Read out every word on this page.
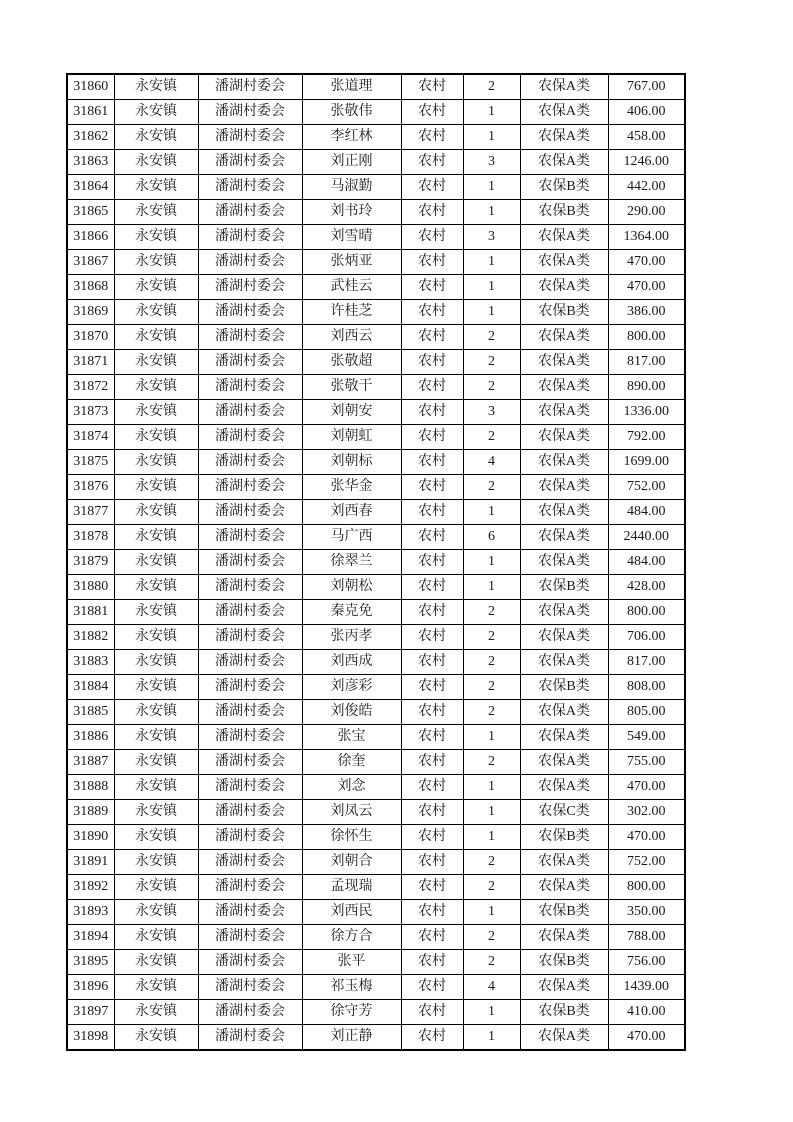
31860	永安镇	潘湖村委会	张道理	农村	2	农保A类	767.00
31861	永安镇	潘湖村委会	张敬伟	农村	1	农保A类	406.00
31862	永安镇	潘湖村委会	李红林	农村	1	农保A类	458.00
31863	永安镇	潘湖村委会	刘正刚	农村	3	农保A类	1246.00
31864	永安镇	潘湖村委会	马淑勤	农村	1	农保B类	442.00
31865	永安镇	潘湖村委会	刘书玲	农村	1	农保B类	290.00
31866	永安镇	潘湖村委会	刘雪晴	农村	3	农保A类	1364.00
31867	永安镇	潘湖村委会	张炳亚	农村	1	农保A类	470.00
31868	永安镇	潘湖村委会	武桂云	农村	1	农保A类	470.00
31869	永安镇	潘湖村委会	许桂芝	农村	1	农保B类	386.00
31870	永安镇	潘湖村委会	刘西云	农村	2	农保A类	800.00
31871	永安镇	潘湖村委会	张敬超	农村	2	农保A类	817.00
31872	永安镇	潘湖村委会	张敬干	农村	2	农保A类	890.00
31873	永安镇	潘湖村委会	刘朝安	农村	3	农保A类	1336.00
31874	永安镇	潘湖村委会	刘朝虹	农村	2	农保A类	792.00
31875	永安镇	潘湖村委会	刘朝标	农村	4	农保A类	1699.00
31876	永安镇	潘湖村委会	张华金	农村	2	农保A类	752.00
31877	永安镇	潘湖村委会	刘西春	农村	1	农保A类	484.00
31878	永安镇	潘湖村委会	马广西	农村	6	农保A类	2440.00
31879	永安镇	潘湖村委会	徐翠兰	农村	1	农保A类	484.00
31880	永安镇	潘湖村委会	刘朝松	农村	1	农保B类	428.00
31881	永安镇	潘湖村委会	秦克免	农村	2	农保A类	800.00
31882	永安镇	潘湖村委会	张丙孝	农村	2	农保A类	706.00
31883	永安镇	潘湖村委会	刘西成	农村	2	农保A类	817.00
31884	永安镇	潘湖村委会	刘彦彩	农村	2	农保B类	808.00
31885	永安镇	潘湖村委会	刘俊皓	农村	2	农保A类	805.00
31886	永安镇	潘湖村委会	张宝	农村	1	农保A类	549.00
31887	永安镇	潘湖村委会	徐奎	农村	2	农保A类	755.00
31888	永安镇	潘湖村委会	刘念	农村	1	农保A类	470.00
31889	永安镇	潘湖村委会	刘凤云	农村	1	农保C类	302.00
31890	永安镇	潘湖村委会	徐怀生	农村	1	农保B类	470.00
31891	永安镇	潘湖村委会	刘朝合	农村	2	农保A类	752.00
31892	永安镇	潘湖村委会	孟现瑞	农村	2	农保A类	800.00
31893	永安镇	潘湖村委会	刘西民	农村	1	农保B类	350.00
31894	永安镇	潘湖村委会	徐方合	农村	2	农保A类	788.00
31895	永安镇	潘湖村委会	张平	农村	2	农保B类	756.00
31896	永安镇	潘湖村委会	祁玉梅	农村	4	农保A类	1439.00
31897	永安镇	潘湖村委会	徐守芳	农村	1	农保B类	410.00
31898	永安镇	潘湖村委会	刘正静	农村	1	农保A类	470.00
